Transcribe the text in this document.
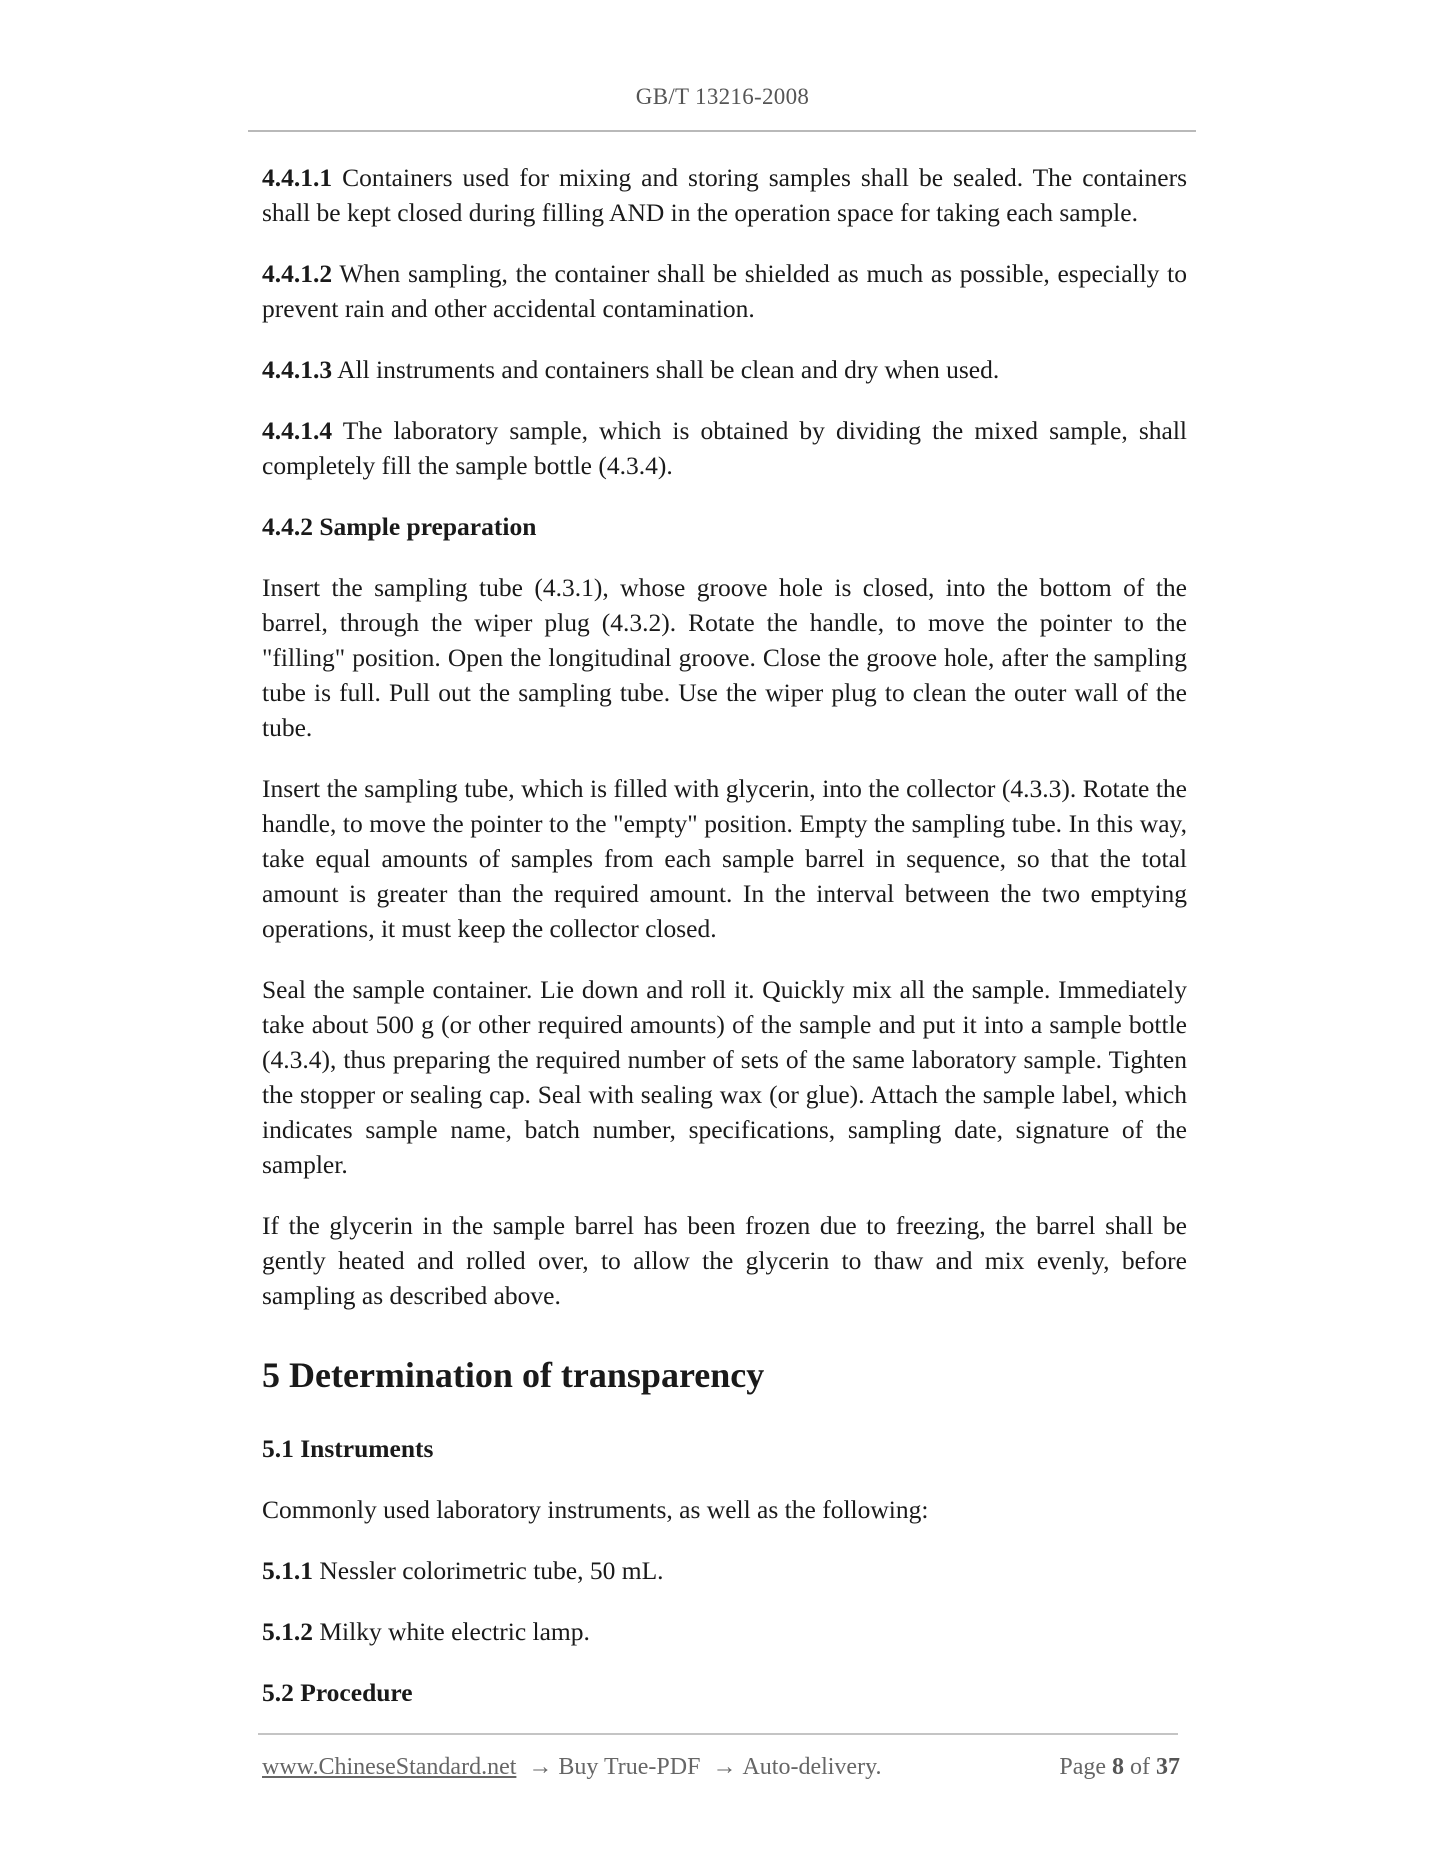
GB/T 13216-2008

4.4.1.1 Containers used for mixing and storing samples shall be sealed. The containers shall be kept closed during filling AND in the operation space for taking each sample.

4.4.1.2 When sampling, the container shall be shielded as much as possible, especially to prevent rain and other accidental contamination.

4.4.1.3 All instruments and containers shall be clean and dry when used.

4.4.1.4 The laboratory sample, which is obtained by dividing the mixed sample, shall completely fill the sample bottle (4.3.4).

4.4.2 Sample preparation

Insert the sampling tube (4.3.1), whose groove hole is closed, into the bottom of the barrel, through the wiper plug (4.3.2). Rotate the handle, to move the pointer to the "filling" position. Open the longitudinal groove. Close the groove hole, after the sampling tube is full. Pull out the sampling tube. Use the wiper plug to clean the outer wall of the tube.

Insert the sampling tube, which is filled with glycerin, into the collector (4.3.3). Rotate the handle, to move the pointer to the "empty" position. Empty the sampling tube. In this way, take equal amounts of samples from each sample barrel in sequence, so that the total amount is greater than the required amount. In the interval between the two emptying operations, it must keep the collector closed.

Seal the sample container. Lie down and roll it. Quickly mix all the sample. Immediately take about 500 g (or other required amounts) of the sample and put it into a sample bottle (4.3.4), thus preparing the required number of sets of the same laboratory sample. Tighten the stopper or sealing cap. Seal with sealing wax (or glue). Attach the sample label, which indicates sample name, batch number, specifications, sampling date, signature of the sampler.

If the glycerin in the sample barrel has been frozen due to freezing, the barrel shall be gently heated and rolled over, to allow the glycerin to thaw and mix evenly, before sampling as described above.

5 Determination of transparency
5.1 Instruments

Commonly used laboratory instruments, as well as the following:

5.1.1 Nessler colorimetric tube, 50 mL.

5.1.2 Milky white electric lamp.

5.2 Procedure
www.ChineseStandard.net → Buy True-PDF → Auto-delivery.	Page 8 of 37
